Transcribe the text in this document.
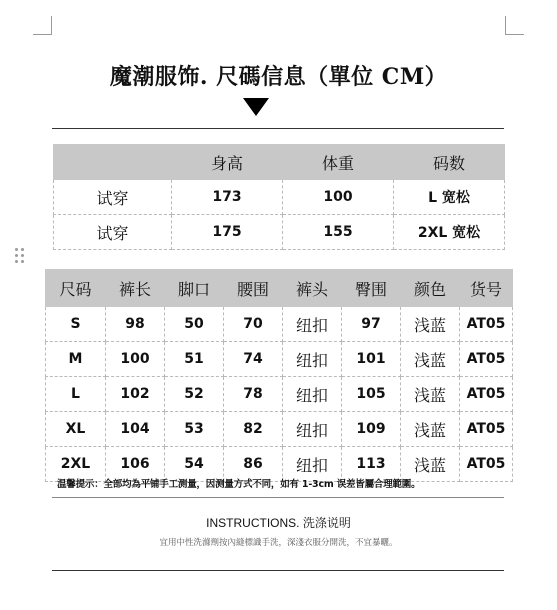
魔潮服饰. 尺碼信息（單位 CM）
	身高	体重	码数
试穿	173	100	L 宽松
试穿	175	155	2XL 宽松
尺码	裤长	脚口	腰围	裤头	臀围	颜色	货号
S	98	50	70	纽扣	97	浅蓝	AT05
M	100	51	74	纽扣	101	浅蓝	AT05
L	102	52	78	纽扣	105	浅蓝	AT05
XL	104	53	82	纽扣	109	浅蓝	AT05
2XL	106	54	86	纽扣	113	浅蓝	AT05
温馨提示：全部均為平铺手工测量，因测量方式不同，如有 1-3cm 误差皆屬合理範圍。
INSTRUCTIONS. 洗涤说明
宜用中性洗滌劑按內縫標識手洗，深淺衣服分開洗，不宜暴曬。
